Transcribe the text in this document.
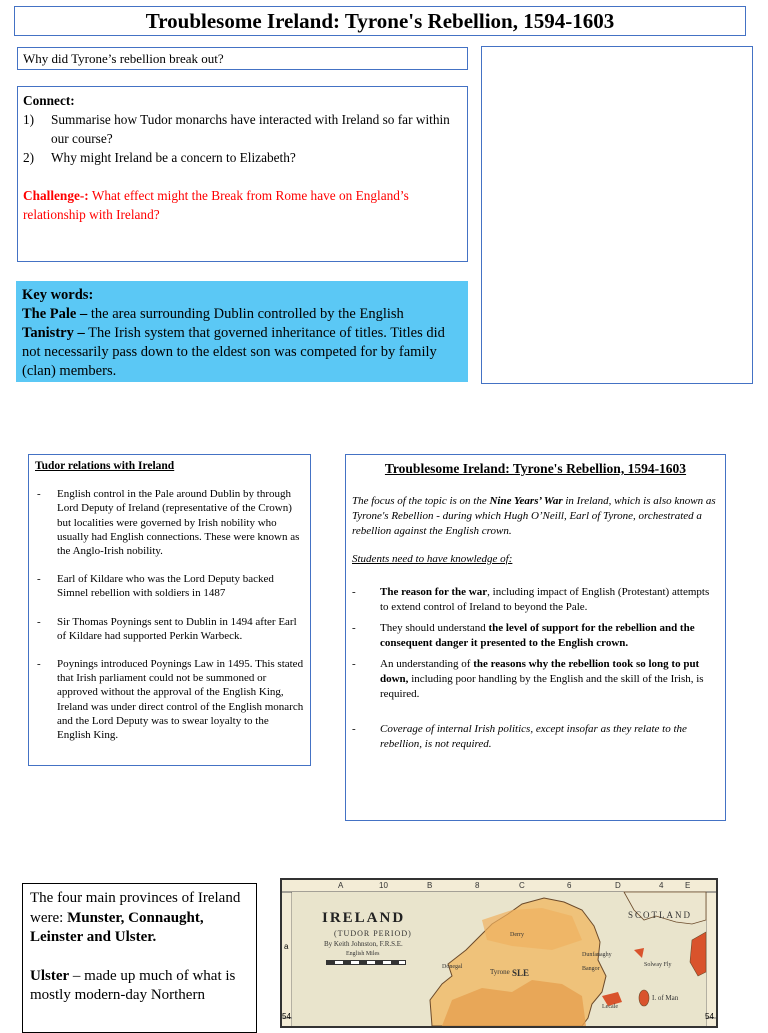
Troublesome Ireland: Tyrone's Rebellion, 1594-1603
Why did Tyrone’s rebellion break out?
Connect:
1)	Summarise how Tudor monarchs have interacted with Ireland so far within our course?
2)	Why might Ireland be a concern to Elizabeth?
Challenge-: What effect might the Break from Rome have on England’s relationship with Ireland?
Key words:
The Pale – the area surrounding Dublin controlled by the English
Tanistry – The Irish system that governed inheritance of titles. Titles did not necessarily pass down to the eldest son was competed for by family (clan) members.
Tudor relations with Ireland
-	English control in the Pale around Dublin by through Lord Deputy of Ireland (representative of the Crown) but localities were governed by Irish nobility who usually had English connections. These were known as the Anglo-Irish nobility.
-	Earl of Kildare who was the Lord Deputy backed Simnel rebellion with soldiers in 1487
-	Sir Thomas Poynings sent to Dublin in 1494 after Earl of Kildare had supported Perkin Warbeck.
-	Poynings introduced Poynings Law in 1495. This stated that Irish parliament could not be summoned or approved without the approval of the English King, Ireland was under direct control of the English monarch and the Lord Deputy was to swear loyalty to the English King.
Troublesome Ireland: Tyrone's Rebellion, 1594-1603
The focus of the topic is on the Nine Years’ War in Ireland, which is also known as Tyrone's Rebellion - during which Hugh O’Neill, Earl of Tyrone, orchestrated a rebellion against the English crown.
Students need to have knowledge of:
-	The reason for the war, including impact of English (Protestant) attempts to extend control of Ireland to beyond the Pale.
-	They should understand the level of support for the rebellion and the consequent danger it presented to the English crown.
-	An understanding of the reasons why the rebellion took so long to put down, including poor handling by the English and the skill of the Irish, is required.
-	Coverage of internal Irish politics, except insofar as they relate to the rebellion, is not required.
The four main provinces of Ireland were: Munster, Connaught, Leinster and Ulster.
Ulster – made up much of what is mostly modern-day Northern
A	10	B	8	C	6	D	4	E
a
54	54
IRELAND
(TUDOR PERIOD)
By Keith Johnston, F.R.S.E.
English Miles
SCOTLAND
I. of Man
SLE
Derry
Tyrone
Donegal
Dunfanaghy
Bangor
Solway Fly
Lecale
